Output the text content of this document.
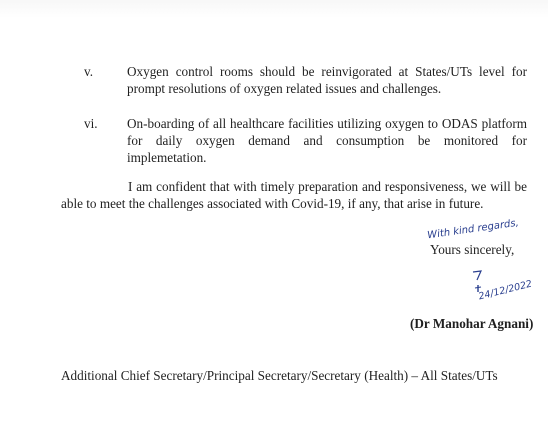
v.	Oxygen control rooms should be reinvigorated at States/UTs level for prompt resolutions of oxygen related issues and challenges.
vi.	On-boarding of all healthcare facilities utilizing oxygen to ODAS platform for daily oxygen demand and consumption be monitored for implemetation.
I am confident that with timely preparation and responsiveness, we will be able to meet the challenges associated with Covid-19, if any, that arise in future.
With kind regards,
Yours sincerely,
24/12/2022
(Dr Manohar Agnani)
Additional Chief Secretary/Principal Secretary/Secretary (Health) – All States/UTs
